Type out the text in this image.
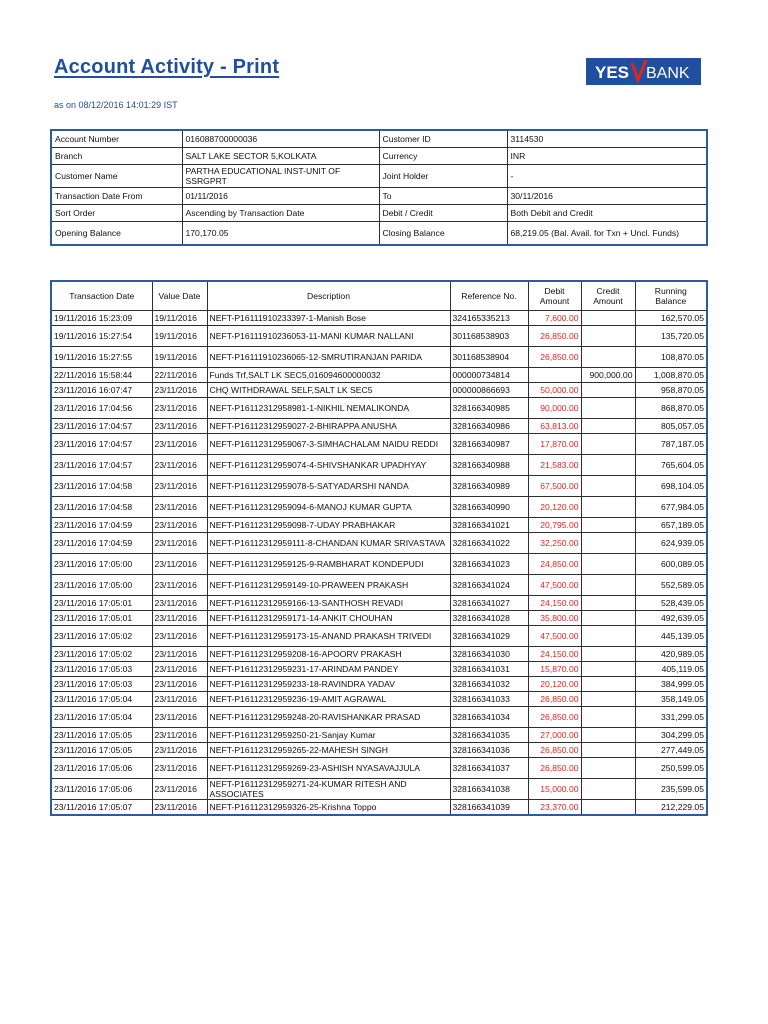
Account Activity - Print
as on 08/12/2016 14:01:29 IST
YES BANK
Account Number	016088700000036	Customer ID	3114530
Branch	SALT LAKE SECTOR 5,KOLKATA	Currency	INR
Customer Name	PARTHA EDUCATIONAL INST-UNIT OF SSRGPRT	Joint Holder	-
Transaction Date From	01/11/2016	To	30/11/2016
Sort Order	Ascending by Transaction Date	Debit / Credit	Both Debit and Credit
Opening Balance	170,170.05	Closing Balance	68,219.05 (Bal. Avail. for Txn + Uncl. Funds)
Transaction Date	Value Date	Description	Reference No.	Debit Amount	Credit Amount	Running Balance
19/11/2016 15:23:09	19/11/2016	NEFT-P16111910233397-1-Manish Bose	324165335213	7,600.00		162,570.05
19/11/2016 15:27:54	19/11/2016	NEFT-P16111910236053-11-MANI KUMAR NALLANI	301168538903	26,850.00		135,720.05
19/11/2016 15:27:55	19/11/2016	NEFT-P16111910236065-12-SMRUTIRANJAN PARIDA	301168538904	26,850.00		108,870.05
22/11/2016 15:58:44	22/11/2016	Funds Trf,SALT LK SEC5,016094600000032	000000734814		900,000.00	1,008,870.05
23/11/2016 16:07:47	23/11/2016	CHQ WITHDRAWAL SELF,SALT LK SEC5	000000866693	50,000.00		958,870.05
23/11/2016 17:04:56	23/11/2016	NEFT-P16112312958981-1-NIKHIL NEMALIKONDA	328166340985	90,000.00		868,870.05
23/11/2016 17:04:57	23/11/2016	NEFT-P16112312959027-2-BHIRAPPA ANUSHA	328166340986	63,813.00		805,057.05
23/11/2016 17:04:57	23/11/2016	NEFT-P16112312959067-3-SIMHACHALAM NAIDU REDDI	328166340987	17,870.00		787,187.05
23/11/2016 17:04:57	23/11/2016	NEFT-P16112312959074-4-SHIVSHANKAR UPADHYAY	328166340988	21,583.00		765,604.05
23/11/2016 17:04:58	23/11/2016	NEFT-P16112312959078-5-SATYADARSHI NANDA	328166340989	67,500.00		698,104.05
23/11/2016 17:04:58	23/11/2016	NEFT-P16112312959094-6-MANOJ KUMAR GUPTA	328166340990	20,120.00		677,984.05
23/11/2016 17:04:59	23/11/2016	NEFT-P16112312959098-7-UDAY PRABHAKAR	328166341021	20,795.00		657,189.05
23/11/2016 17:04:59	23/11/2016	NEFT-P16112312959111-8-CHANDAN KUMAR SRIVASTAVA	328166341022	32,250.00		624,939.05
23/11/2016 17:05:00	23/11/2016	NEFT-P16112312959125-9-RAMBHARAT KONDEPUDI	328166341023	24,850.00		600,089.05
23/11/2016 17:05:00	23/11/2016	NEFT-P16112312959149-10-PRAWEEN PRAKASH	328166341024	47,500.00		552,589.05
23/11/2016 17:05:01	23/11/2016	NEFT-P16112312959166-13-SANTHOSH REVADI	328166341027	24,150.00		528,439.05
23/11/2016 17:05:01	23/11/2016	NEFT-P16112312959171-14-ANKIT CHOUHAN	328166341028	35,800.00		492,639.05
23/11/2016 17:05:02	23/11/2016	NEFT-P16112312959173-15-ANAND PRAKASH TRIVEDI	328166341029	47,500.00		445,139.05
23/11/2016 17:05:02	23/11/2016	NEFT-P16112312959208-16-APOORV PRAKASH	328166341030	24,150.00		420,989.05
23/11/2016 17:05:03	23/11/2016	NEFT-P16112312959231-17-ARINDAM PANDEY	328166341031	15,870.00		405,119.05
23/11/2016 17:05:03	23/11/2016	NEFT-P16112312959233-18-RAVINDRA YADAV	328166341032	20,120.00		384,999.05
23/11/2016 17:05:04	23/11/2016	NEFT-P16112312959236-19-AMIT AGRAWAL	328166341033	26,850.00		358,149.05
23/11/2016 17:05:04	23/11/2016	NEFT-P16112312959248-20-RAVISHANKAR PRASAD	328166341034	26,850.00		331,299.05
23/11/2016 17:05:05	23/11/2016	NEFT-P16112312959250-21-Sanjay Kumar	328166341035	27,000.00		304,299.05
23/11/2016 17:05:05	23/11/2016	NEFT-P16112312959265-22-MAHESH SINGH	328166341036	26,850.00		277,449.05
23/11/2016 17:05:06	23/11/2016	NEFT-P16112312959269-23-ASHISH NYASAVAJJULA	328166341037	26,850.00		250,599.05
23/11/2016 17:05:06	23/11/2016	NEFT-P16112312959271-24-KUMAR RITESH AND ASSOCIATES	328166341038	15,000.00		235,599.05
23/11/2016 17:05:07	23/11/2016	NEFT-P16112312959326-25-Krishna Toppo	328166341039	23,370.00		212,229.05
